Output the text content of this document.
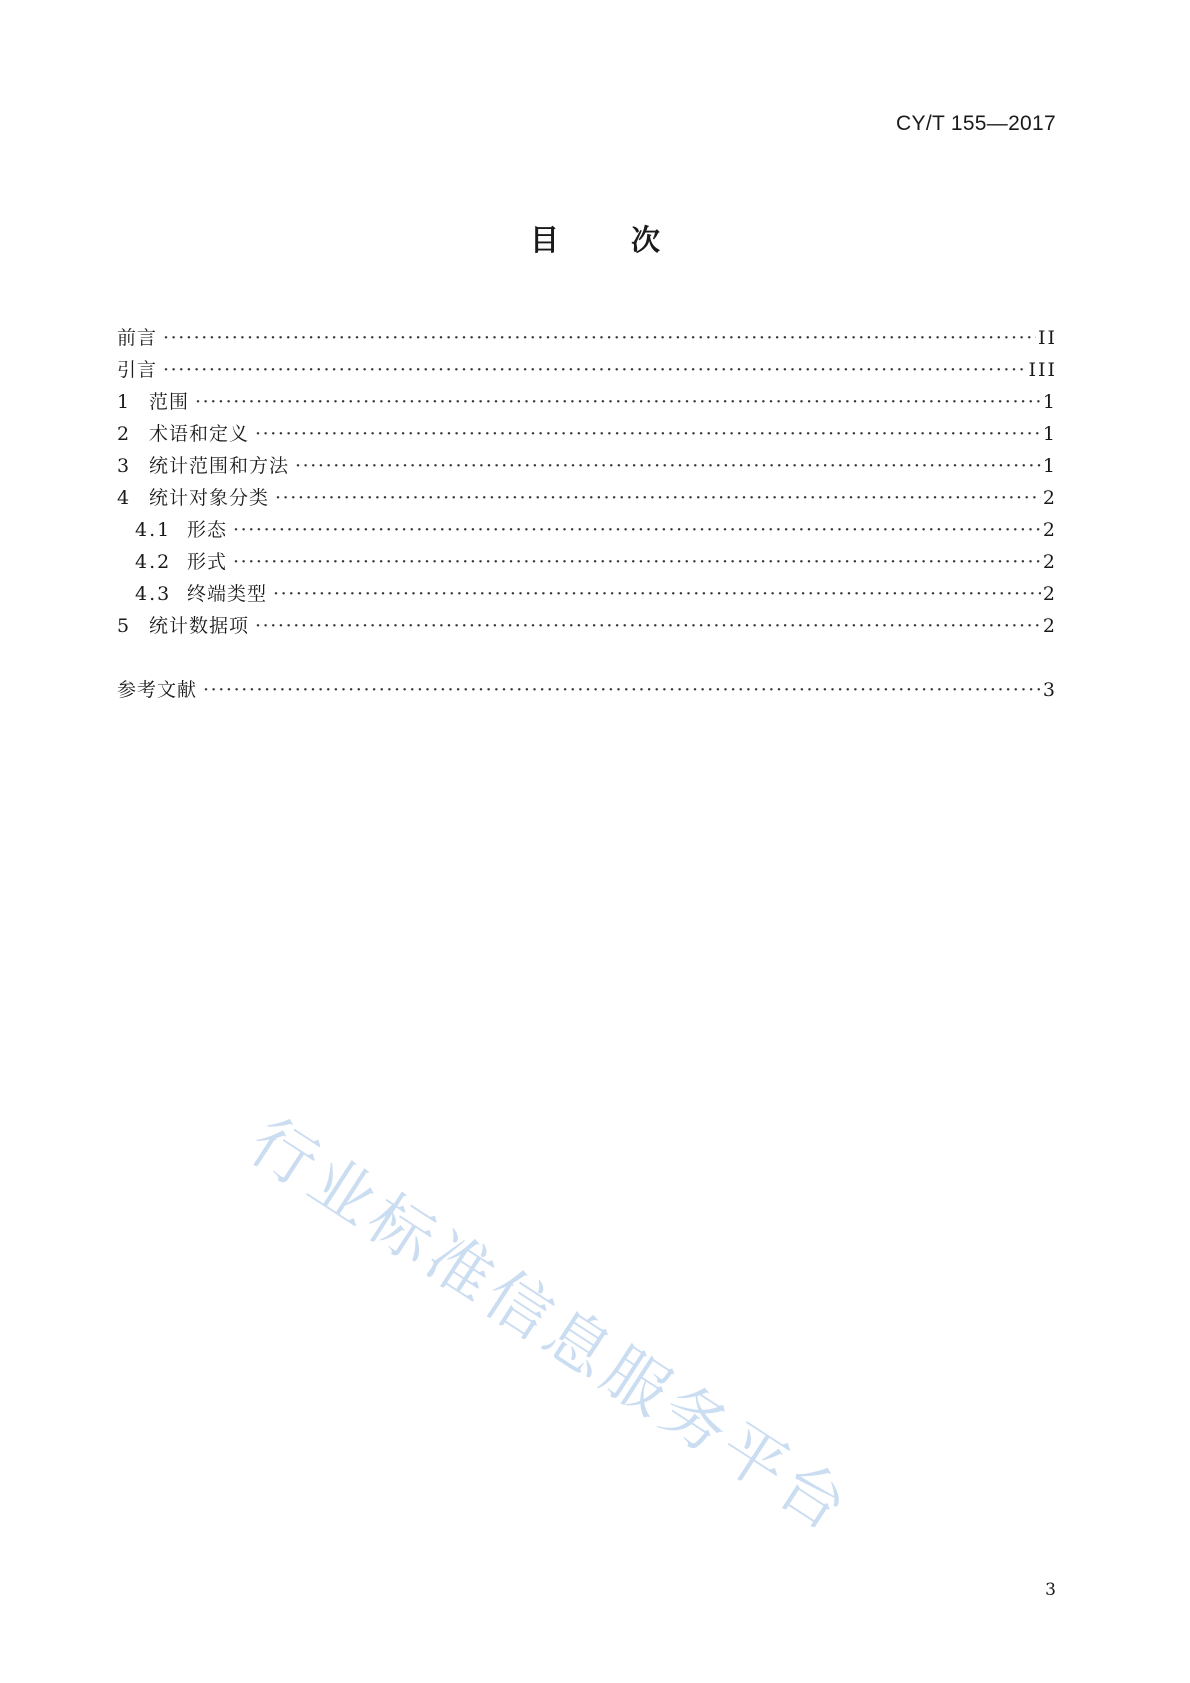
CY/T 155—2017
目 次
前言 ·····	II
引言 ·····	III
1	范围 ·····	1
2	术语和定义 ·····	1
3	统计范围和方法 ·····	1
4	统计对象分类 ·····	2
4.1 形态 ·····	2
4.2 形式 ·····	2
4.3 终端类型 ·····	2
5	统计数据项 ·····	2
参考文献 ·····	3
行业标准信息服务平台
3
